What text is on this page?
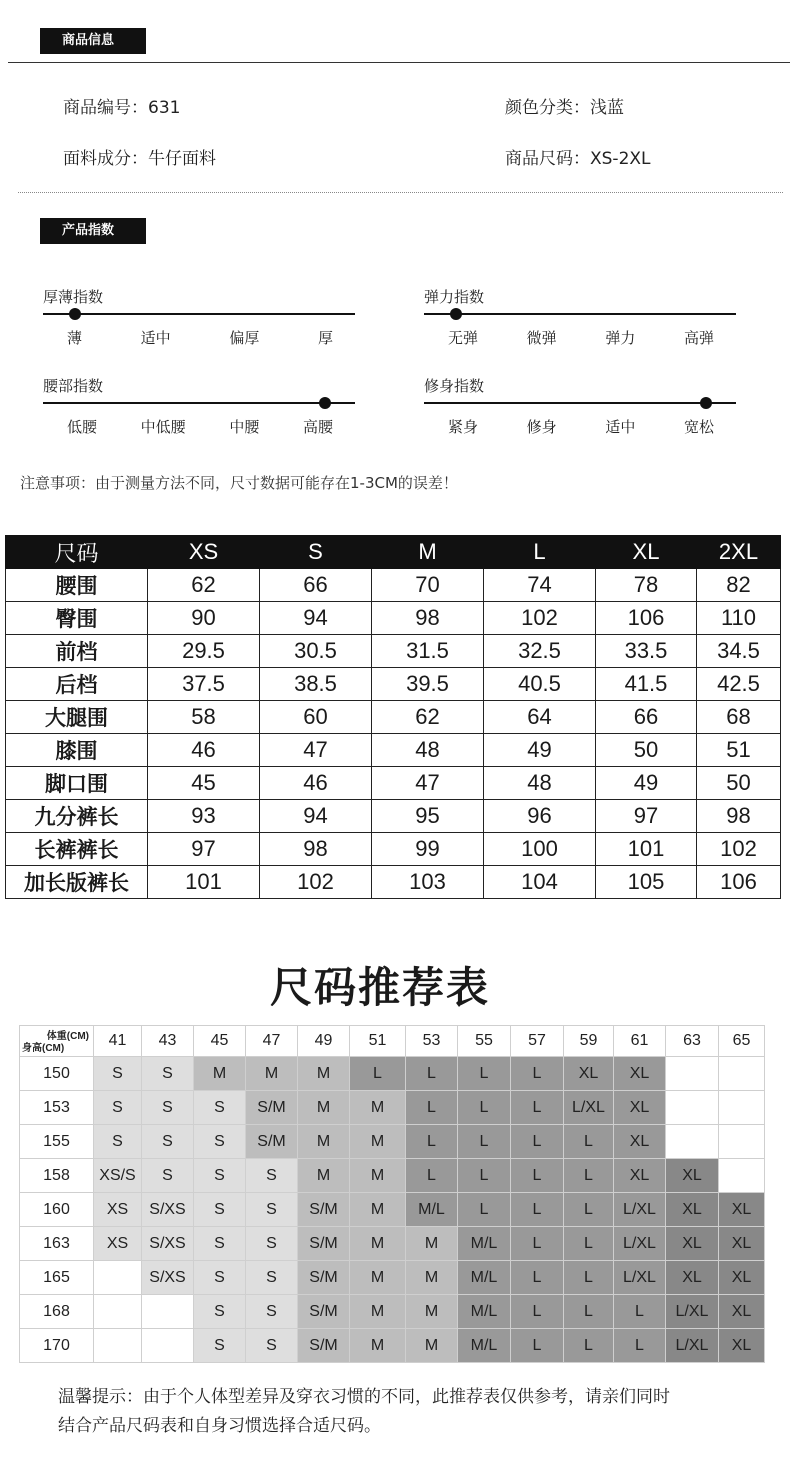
商品信息
商品编号：631	颜色分类：浅蓝
面料成分：牛仔面料	商品尺码：XS-2XL
产品指数
厚薄指数
薄	适中	偏厚	厚
弹力指数
无弹	微弹	弹力	高弹
腰部指数
低腰	中低腰	中腰	高腰
修身指数
紧身	修身	适中	宽松
注意事项：由于测量方法不同，尺寸数据可能存在1-3CM的误差！
尺码	XS	S	M	L	XL	2XL
腰围	62	66	70	74	78	82
臀围	90	94	98	102	106	110
前档	29.5	30.5	31.5	32.5	33.5	34.5
后档	37.5	38.5	39.5	40.5	41.5	42.5
大腿围	58	60	62	64	66	68
膝围	46	47	48	49	50	51
脚口围	45	46	47	48	49	50
九分裤长	93	94	95	96	97	98
长裤裤长	97	98	99	100	101	102
加长版裤长	101	102	103	104	105	106
尺码推荐表
体重(CM)
身高(CM)	41	43	45	47	49	51	53	55	57	59	61	63	65
150	S	S	M	M	M	L	L	L	L	XL	XL		
153	S	S	S	S/M	M	M	L	L	L	L/XL	XL		
155	S	S	S	S/M	M	M	L	L	L	L	XL		
158	XS/S	S	S	S	M	M	L	L	L	L	XL	XL	
160	XS	S/XS	S	S	S/M	M	M/L	L	L	L	L/XL	XL	XL
163	XS	S/XS	S	S	S/M	M	M	M/L	L	L	L/XL	XL	XL
165		S/XS	S	S	S/M	M	M	M/L	L	L	L/XL	XL	XL
168			S	S	S/M	M	M	M/L	L	L	L	L/XL	XL
170			S	S	S/M	M	M	M/L	L	L	L	L/XL	XL
温馨提示：由于个人体型差异及穿衣习惯的不同，此推荐表仅供参考，请亲们同时
结合产品尺码表和自身习惯选择合适尺码。
